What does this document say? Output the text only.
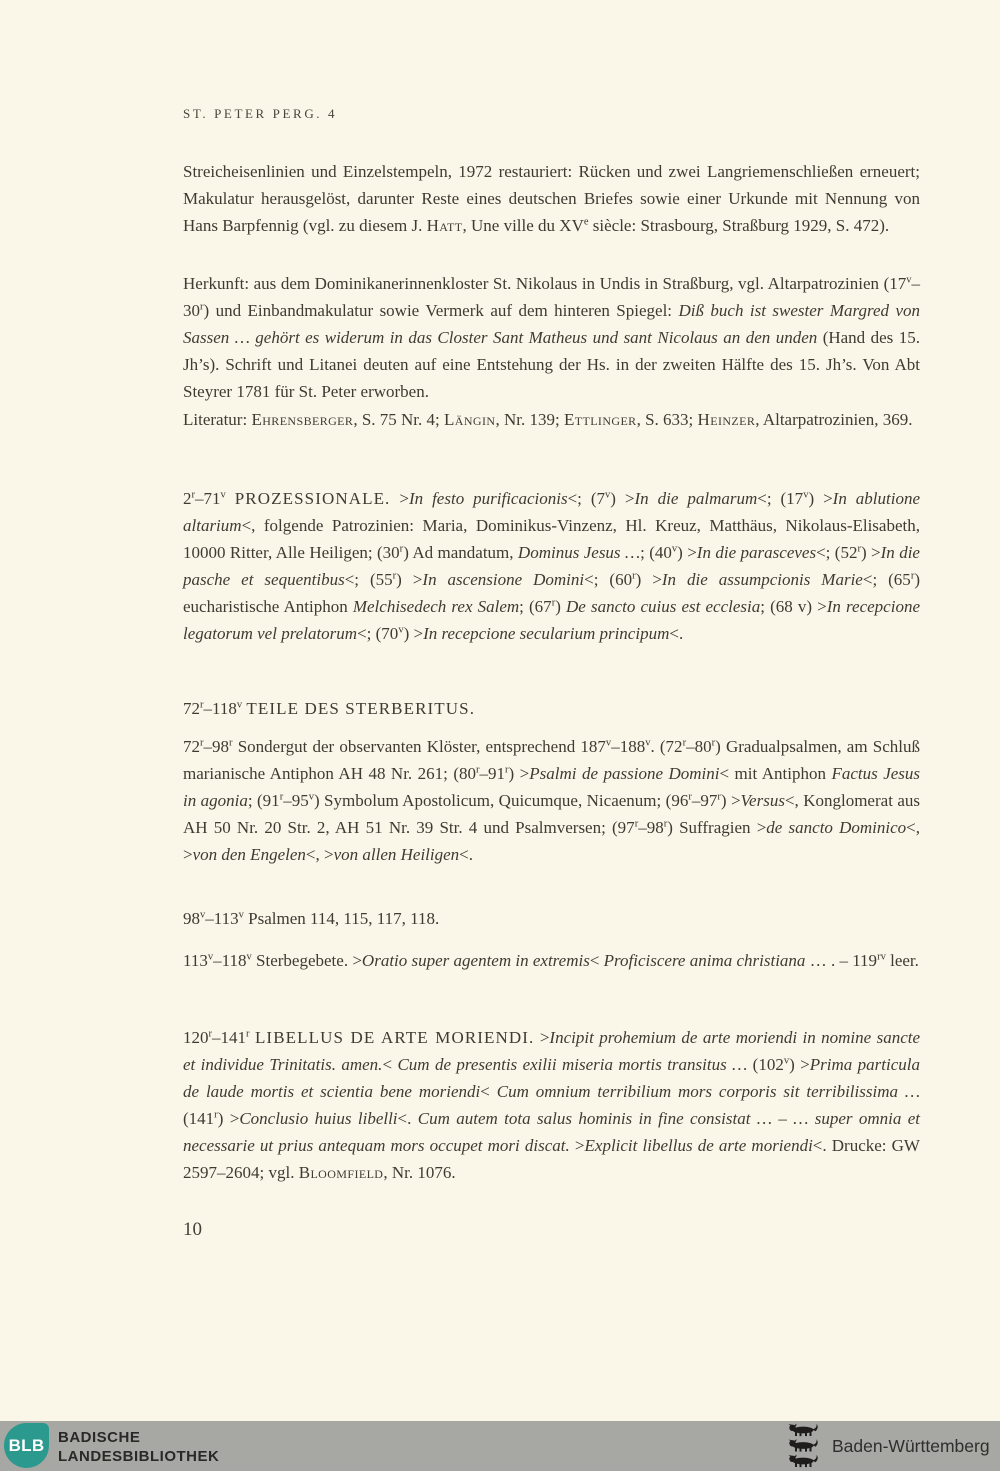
ST. PETER PERG. 4
Streicheisenlinien und Einzelstempeln, 1972 restauriert: Rücken und zwei Langriemenschließen erneuert; Makulatur herausgelöst, darunter Reste eines deutschen Briefes sowie einer Urkunde mit Nennung von Hans Barpfennig (vgl. zu diesem J. Hatt, Une ville du XVe siècle: Strasbourg, Straßburg 1929, S. 472).
Herkunft: aus dem Dominikanerinnenkloster St. Nikolaus in Undis in Straßburg, vgl. Altarpatrozinien (17$^v$–30$^r$) und Einbandmakulatur sowie Vermerk auf dem hinteren Spiegel: Diß buch ist swester Margred von Sassen … gehört es widerum in das Closter Sant Matheus und sant Nicolaus an den unden (Hand des 15. Jh’s). Schrift und Litanei deuten auf eine Entstehung der Hs. in der zweiten Hälfte des 15. Jh’s. Von Abt Steyrer 1781 für St. Peter erworben.
Literatur: Ehrensberger, S. 75 Nr. 4; Längin, Nr. 139; Ettlinger, S. 633; Heinzer, Altarpatrozinien, 369.
2$^r$–71$^v$ PROZESSIONALE. >In festo purificacionis<; $(7^v) >In$ die palmarum<; $(17^v) >In$ ablutione altarium<, folgende Patrozinien: Maria, Dominikus-Vinzenz, Hl. Kreuz, Matthäus, Nikolaus-Elisabeth, 10000 Ritter, Alle Heiligen; (30$^r$) Ad mandatum, Dominus Jesus …; $(40^v) >In$ die parasceves<; $(52^r) >In$ die pasche et sequentibus<; $(55^r) >In$ ascensione Domini<; $(60^r) >In$ die assumpcionis Marie<; (65$^r$) eucharistische Antiphon Melchisedech rex Salem; (67$^r$) De sancto cuius est ecclesia; (68 v) >In recepcione legatorum vel prelatorum<; $(70^v) >In$ recepcione secularium principum<.
72$^r$–118$^v$ TEILE DES STERBERITUS.
72$^r$–98$^r$ Sondergut der observanten Klöster, entsprechend 187$^v$–188$^v$. (72$^r$–80$^r$) Gradualpsalmen, am Schluß marianische Antiphon AH 48 Nr. 261; $(80^r-91^r)$ >Psalmi de passione Domini< mit Antiphon Factus Jesus in agonia; (91$^r$–95$^v$) Symbolum Apostolicum, Quicumque, Nicaenum; $(96^r-97^r)$ >Versus<, Konglomerat aus AH 50 Nr. 20 Str. 2, AH 51 Nr. 39 Str. 4 und Psalmversen; (97$^r$–98$^r$) Suffragien >de sancto Dominico<, >von den Engelen<, >von allen Heiligen<.
98$^v$–113$^v$ Psalmen 114, 115, 117, 118.
113$^v$–118$^v$ Sterbegebete. >Oratio super agentem in extremis< Proficiscere anima christiana … . – $119^{rv}$ leer.
120$^r$–141$^r$ LIBELLUS DE ARTE MORIENDI. >Incipit prohemium de arte moriendi in nomine sancte et individue Trinitatis. amen.< Cum de presentis exilii miseria mortis transitus … $(102^v)$ >Prima particula de laude mortis et scientia bene moriendi< Cum omnium terribilium mors corporis sit terribilissima … $(141^r)$ >Conclusio huius libelli<. Cum autem tota salus hominis in fine consistat … – … super omnia et necessarie ut prius antequam mors occupet mori discat. >Explicit libellus de arte moriendi<. Drucke: GW 2597–2604; vgl. Bloomfield, Nr. 1076.
10
BLB BADISCHE
LANDESBIBLIOTHEK
Baden-Württemberg
